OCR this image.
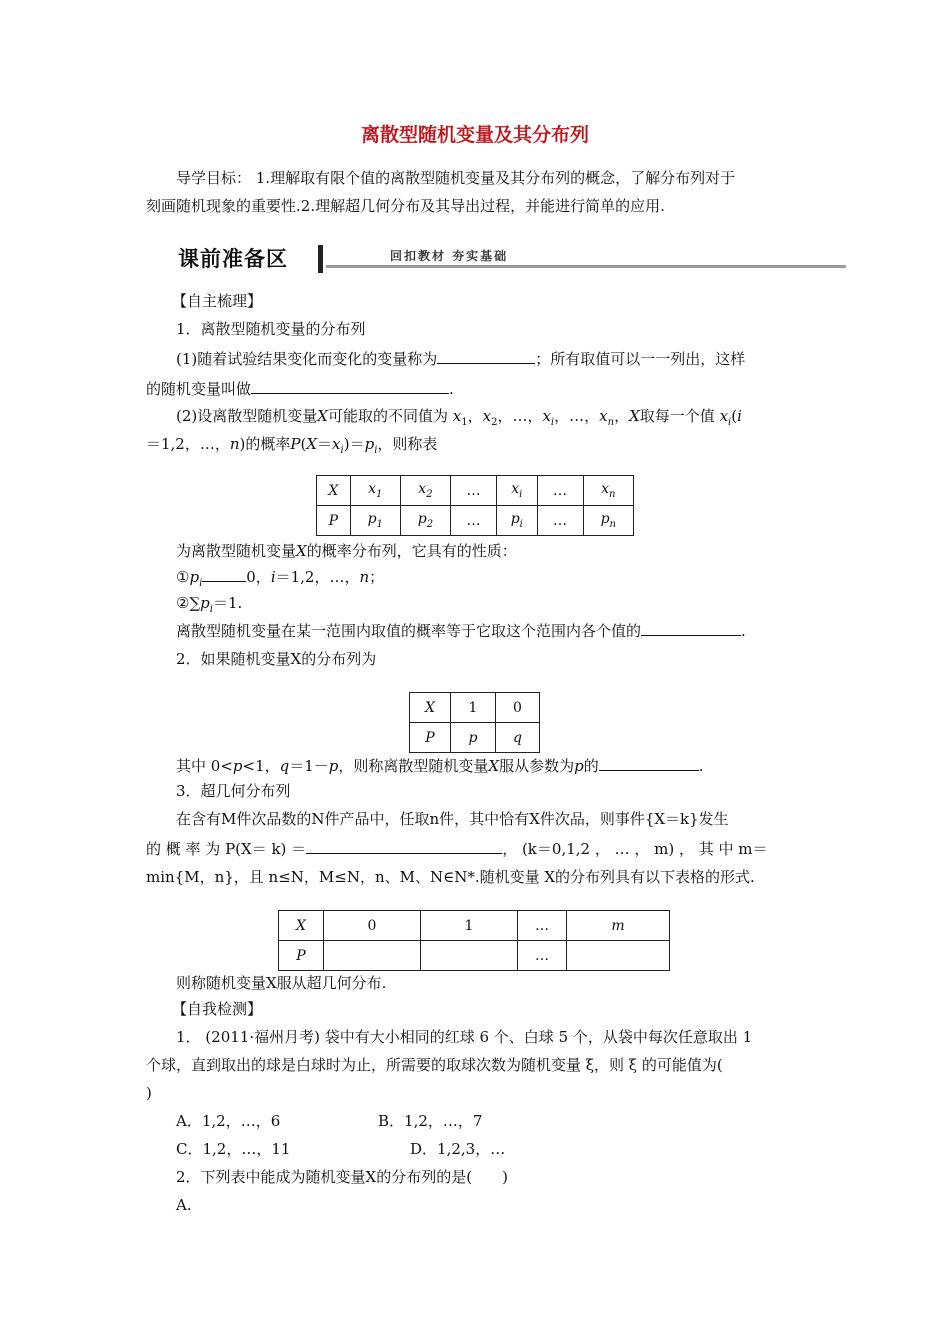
离散型随机变量及其分布列
导学目标： 1.理解取有限个值的离散型随机变量及其分布列的概念，了解分布列对于
刻画随机现象的重要性.2.理解超几何分布及其导出过程，并能进行简单的应用.
课前准备区	回扣教材 夯实基础
【自主梳理】
1．离散型随机变量的分布列
(1)随着试验结果变化而变化的变量称为	；所有取值可以一一列出，这样
的随机变量叫做	.
(2)设离散型随机变量X可能取的不同值为 $x_1$，$x_2$，…，$x_i$，…，$x_n$，X取每一个值 $x_i(i$
＝1,2，…，n)的概率$P(X=x_i)=p_i$，则称表
X	$x_1$	$x_2$	…	$x_i$	…	$x_n$
P	$p_1$	$p_2$	…	$p_i$	…	$p_n$
为离散型随机变量X的概率分布列，它具有的性质：
$①p_i$	0，i＝1,2，…，n；
$②\sum p_i=1$.
离散型随机变量在某一范围内取值的概率等于它取这个范围内各个值的	.
2．如果随机变量X的分布列为
X	1	0
P	p	q
其中 0<p<1，q＝1－p，则称离散型随机变量X服从参数为p的	.
3．超几何分布列
在含有M件次品数的N件产品中，任取n件，其中恰有X件次品，则事件{X＝k}发生
的 概 率 为 P(X＝ k) ＝	， (k＝0,1,2 ， … ， m) ， 其 中 m＝
min{M，n}，且 n≤N，M≤N，n、M、N∈N*.随机变量 X的分布列具有以下表格的形式.
X	0	1	…	m
P			…	
则称随机变量X服从超几何分布.
【自我检测】
1． (2011·福州月考) 袋中有大小相同的红球 6 个、白球 5 个，从袋中每次任意取出 1
个球，直到取出的球是白球时为止，所需要的取球次数为随机变量 ξ，则 ξ 的可能值为(
)
A．1,2，…，6	B．1,2，…，7
C．1,2，…，11	D．1,2,3，…
2．下列表中能成为随机变量X的分布列的是(　　)
A.
